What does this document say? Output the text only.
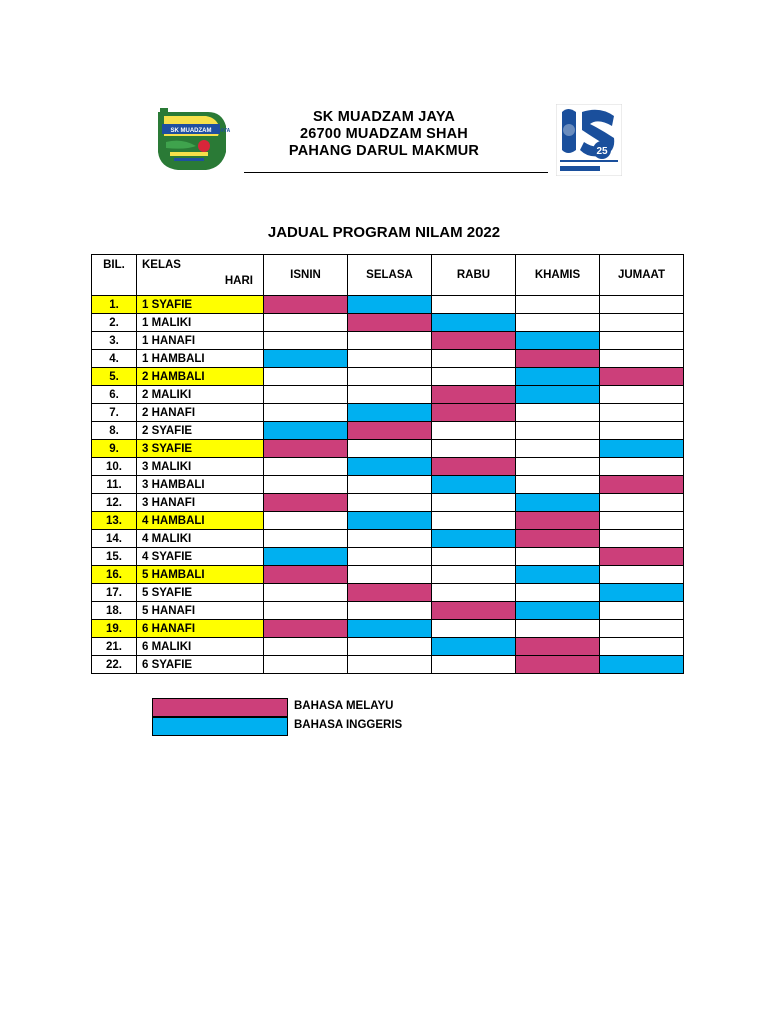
SK MUADZAM JAYA
SK MUADZAM JAYA
26700 MUADZAM SHAH
PAHANG DARUL MAKMUR	25
JADUAL PROGRAM NILAM 2022
BIL.	KELAS
HARI	ISNIN	SELASA	RABU	KHAMIS	JUMAAT
1.	1 SYAFIE					
2.	1 MALIKI					
3.	1 HANAFI					
4.	1 HAMBALI					
5.	2 HAMBALI					
6.	2 MALIKI					
7.	2 HANAFI					
8.	2 SYAFIE					
9.	3 SYAFIE					
10.	3 MALIKI					
11.	3 HAMBALI					
12.	3 HANAFI					
13.	4 HAMBALI					
14.	4 MALIKI					
15.	4 SYAFIE					
16.	5 HAMBALI					
17.	5 SYAFIE					
18.	5 HANAFI					
19.	6 HANAFI					
21.	6 MALIKI					
22.	6 SYAFIE					
BAHASA MELAYU
BAHASA INGGERIS
